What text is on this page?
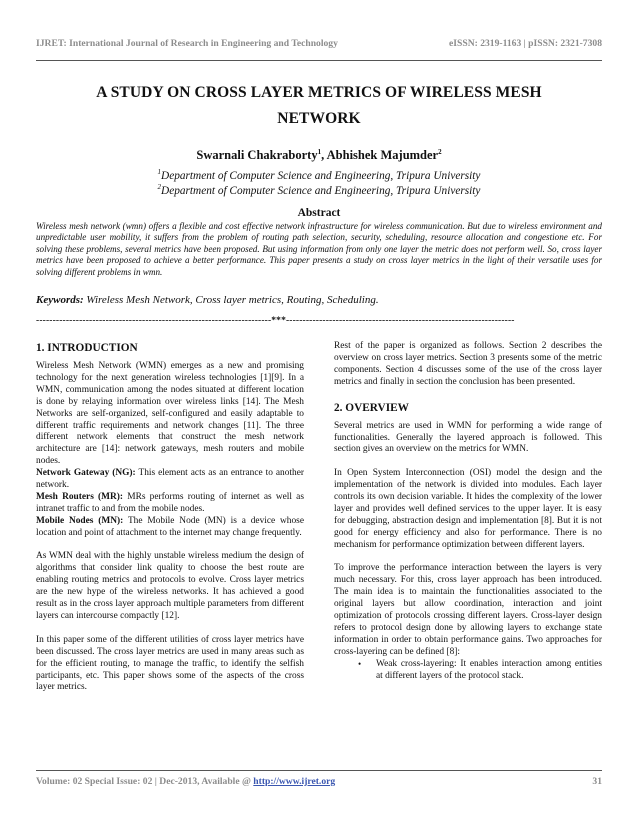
IJRET: International Journal of Research in Engineering and Technology	eISSN: 2319-1163 | pISSN: 2321-7308
A STUDY ON CROSS LAYER METRICS OF WIRELESS MESH
NETWORK
Swarnali Chakraborty$^1$, Abhishek Majumder$^2$
$^1$Department of Computer Science and Engineering, Tripura University
$^2$Department of Computer Science and Engineering, Tripura University
Abstract
Wireless mesh network (wmn) offers a flexible and cost effective network infrastructure for wireless communication. But due to wireless environment and unpredictable user mobility, it suffers from the problem of routing path selection, security, scheduling, resource allocation and congestione etc. For solving these problems, several metrics have been proposed. But using information from only one layer the metric does not perform well. So, cross layer metrics have been proposed to achieve a better performance. This paper presents a study on cross layer metrics in the light of their versatile uses for solving different problems in wmn.
Keywords: Wireless Mesh Network, Cross layer metrics, Routing, Scheduling.
-----------------------------------------------------------------------***---------------------------------------------------------------------
1. INTRODUCTION

Wireless Mesh Network (WMN) emerges as a new and promising technology for the next generation wireless technologies [1][9]. In a WMN, communication among the nodes situated at different location is done by relaying information over wireless links [14]. The Mesh Networks are self-organized, self-configured and easily adaptable to different traffic requirements and network changes [11]. The three different network elements that construct the mesh network architecture are [14]: network gateways, mesh routers and mobile nodes.

Network Gateway (NG): This element acts as an entrance to another network.

Mesh Routers (MR): MRs performs routing of internet as well as intranet traffic to and from the mobile nodes.

Mobile Nodes (MN): The Mobile Node (MN) is a device whose location and point of attachment to the internet may change frequently.

As WMN deal with the highly unstable wireless medium the design of algorithms that consider link quality to choose the best route are enabling routing metrics and protocols to evolve. Cross layer metrics are the new hype of the wireless networks. It has achieved a good result as in the cross layer approach multiple parameters from different layers can intercourse compactly [12].

In this paper some of the different utilities of cross layer metrics have been discussed. The cross layer metrics are used in many areas such as for the efficient routing, to manage the traffic, to identify the selfish participants, etc. This paper shows some of the aspects of the cross layer metrics.

Rest of the paper is organized as follows. Section 2 describes the overview on cross layer metrics. Section 3 presents some of the metric components. Section 4 discusses some of the use of the cross layer metrics and finally in section the conclusion has been presented.

2. OVERVIEW

Several metrics are used in WMN for performing a wide range of functionalities. Generally the layered approach is followed. This section gives an overview on the metrics for WMN.

In Open System Interconnection (OSI) model the design and the implementation of the network is divided into modules. Each layer controls its own decision variable. It hides the complexity of the lower layer and provides well defined services to the upper layer. It is easy for debugging, abstraction design and implementation [8]. But it is not good for energy efficiency and also for performance. There is no mechanism for performance optimization between different layers.

To improve the performance interaction between the layers is very much necessary. For this, cross layer approach has been introduced. The main idea is to maintain the functionalities associated to the original layers but allow coordination, interaction and joint optimization of protocols crossing different layers. Cross-layer design refers to protocol design done by allowing layers to exchange state information in order to obtain performance gains. Two approaches for cross-layering can be defined [8]:

•	Weak cross-layering: It enables interaction among entities at different layers of the protocol stack.
Volume: 02 Special Issue: 02 | Dec-2013, Available @ http://www.ijret.org	31
